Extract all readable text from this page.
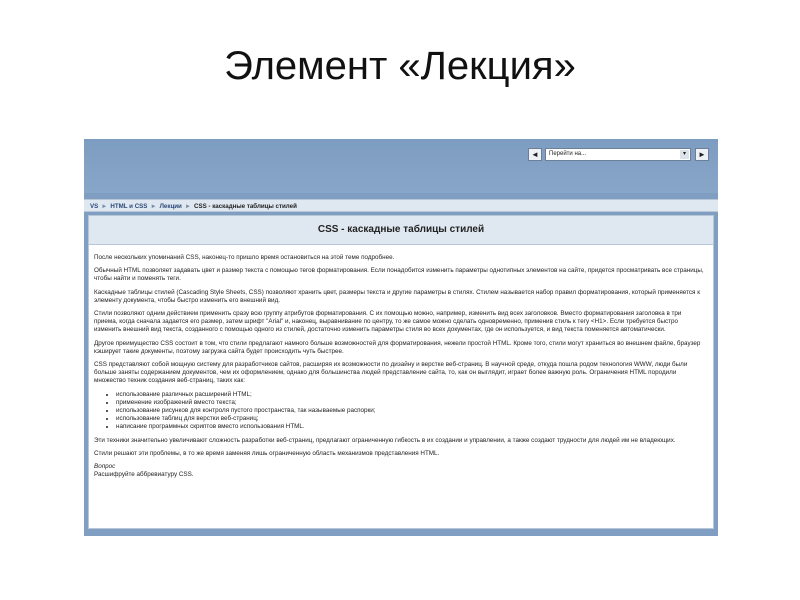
Элемент «Лекция»
◄	Перейти на...	▾	►
VS ► HTML и CSS ► Лекции ► CSS - каскадные таблицы стилей
CSS - каскадные таблицы стилей

После нескольких упоминаний CSS, наконец-то пришло время остановиться на этой теме подробнее.

Обычный HTML позволяет задавать цвет и размер текста с помощью тегов форматирования. Если понадобится изменить параметры однотипных элементов на сайте, придется просматривать все страницы, чтобы найти и поменять теги.

Каскадные таблицы стилей (Cascading Style Sheets, CSS) позволяют хранить цвет, размеры текста и другие параметры в стилях. Стилем называется набор правил форматирования, который применяется к элементу документа, чтобы быстро изменить его внешний вид.

Стили позволяют одним действием применить сразу всю группу атрибутов форматирования. С их помощью можно, например, изменить вид всех заголовков. Вместо форматирования заголовка в три приема, когда сначала задается его размер, затем шрифт "Arial" и, наконец, выравнивание по центру, то же самое можно сделать одновременно, применив стиль к тегу <H1>. Если требуется быстро изменить внешний вид текста, созданного с помощью одного из стилей, достаточно изменить параметры стиля во всех документах, где он используется, и вид текста поменяется автоматически.

Другое преимущество CSS состоит в том, что стили предлагают намного больше возможностей для форматирования, нежели простой HTML. Кроме того, стили могут храниться во внешнем файле, браузер кэширует такие документы, поэтому загрузка сайта будет происходить чуть быстрее.

CSS представляют собой мощную систему для разработчиков сайтов, расширяя их возможности по дизайну и верстке веб-страниц. В научной среде, откуда пошла родом технология WWW, люди были больше заняты содержанием документов, чем их оформлением, однако для большинства людей представление сайта, то, как он выглядит, играет более важную роль. Ограничения HTML породили множество техник создания веб-страниц, таких как:

• использование различных расширений HTML;
• применение изображений вместо текста;
• использование рисунков для контроля пустого пространства, так называемые распорки;
• использование таблиц для верстки веб-страниц;
• написание программных скриптов вместо использования HTML.

Эти техники значительно увеличивают сложность разработки веб-страниц, предлагают ограниченную гибкость в их создании и управлении, а также создают трудности для людей им не владеющих.

Стили решают эти проблемы, в то же время заменяя лишь ограниченную область механизмов представления HTML.

Вопрос

Расшифруйте аббревиатуру CSS.
